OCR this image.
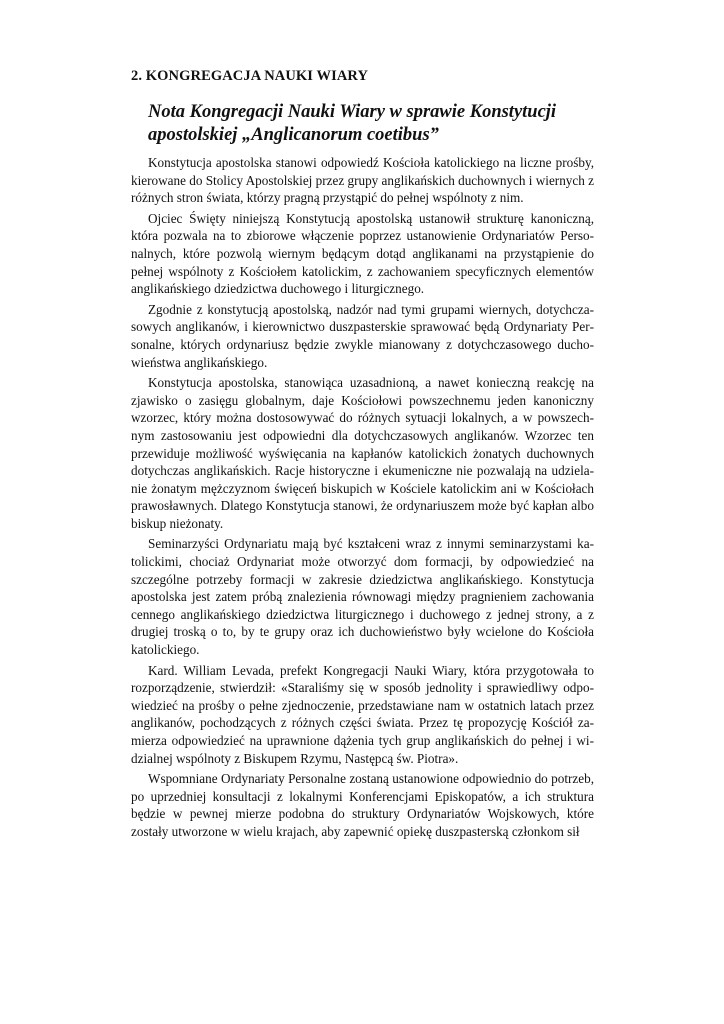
2. KONGREGACJA NAUKI WIARY
Nota Kongregacji Nauki Wiary w sprawie Konstytucji
apostolskiej „Anglicanorum coetibus”

Konstytucja apostolska stanowi odpowiedź Kościoła katolickiego na liczne prośby, kierowane do Stolicy Apostolskiej przez grupy anglikańskich duchownych i wiernych z różnych stron świata, którzy pragną przystąpić do pełnej wspólnoty z nim.

Ojciec Święty niniejszą Konstytucją apostolską ustanowił strukturę kanoniczną, która pozwala na to zbiorowe włączenie poprzez ustanowienie Ordynariatów Personalnych, które pozwolą wiernym będącym dotąd anglikanami na przystąpienie do pełnej wspólnoty z Kościołem katolickim, z zachowaniem specyficznych elementów anglikańskiego dziedzictwa duchowego i liturgicznego.

Zgodnie z konstytucją apostolską, nadzór nad tymi grupami wiernych, dotychczasowych anglikanów, i kierownictwo duszpasterskie sprawować będą Ordynariaty Personalne, których ordynariusz będzie zwykle mianowany z dotychczasowego duchowieństwa anglikańskiego.

Konstytucja apostolska, stanowiąca uzasadnioną, a nawet konieczną reakcję na zjawisko o zasięgu globalnym, daje Kościołowi powszechnemu jeden kanoniczny wzorzec, który można dostosowywać do różnych sytuacji lokalnych, a w powszechnym zastosowaniu jest odpowiedni dla dotychczasowych anglikanów. Wzorzec ten przewiduje możliwość wyświęcania na kapłanów katolickich żonatych duchownych dotychczas anglikańskich. Racje historyczne i ekumeniczne nie pozwalają na udzielanie żonatym mężczyznom święceń biskupich w Kościele katolickim ani w Kościołach prawosławnych. Dlatego Konstytucja stanowi, że ordynariuszem może być kapłan albo biskup nieżonaty.

Seminarzyści Ordynariatu mają być kształceni wraz z innymi seminarzystami katolickimi, chociaż Ordynariat może otworzyć dom formacji, by odpowiedzieć na szczególne potrzeby formacji w zakresie dziedzictwa anglikańskiego. Konstytucja apostolska jest zatem próbą znalezienia równowagi między pragnieniem zachowania cennego anglikańskiego dziedzictwa liturgicznego i duchowego z jednej strony, a z drugiej troską o to, by te grupy oraz ich duchowieństwo były wcielone do Kościoła katolickiego.

Kard. William Levada, prefekt Kongregacji Nauki Wiary, która przygotowała to rozporządzenie, stwierdził: «Staraliśmy się w sposób jednolity i sprawiedliwy odpowiedzieć na prośby o pełne zjednoczenie, przedstawiane nam w ostatnich latach przez anglikanów, pochodzących z różnych części świata. Przez tę propozycję Kościół zamierza odpowiedzieć na uprawnione dążenia tych grup anglikańskich do pełnej i widzialnej wspólnoty z Biskupem Rzymu, Następcą św. Piotra».

Wspomniane Ordynariaty Personalne zostaną ustanowione odpowiednio do potrzeb, po uprzedniej konsultacji z lokalnymi Konferencjami Episkopatów, a ich struktura będzie w pewnej mierze podobna do struktury Ordynariatów Wojskowych, które zostały utworzone w wielu krajach, aby zapewnić opiekę duszpasterską członkom sił
